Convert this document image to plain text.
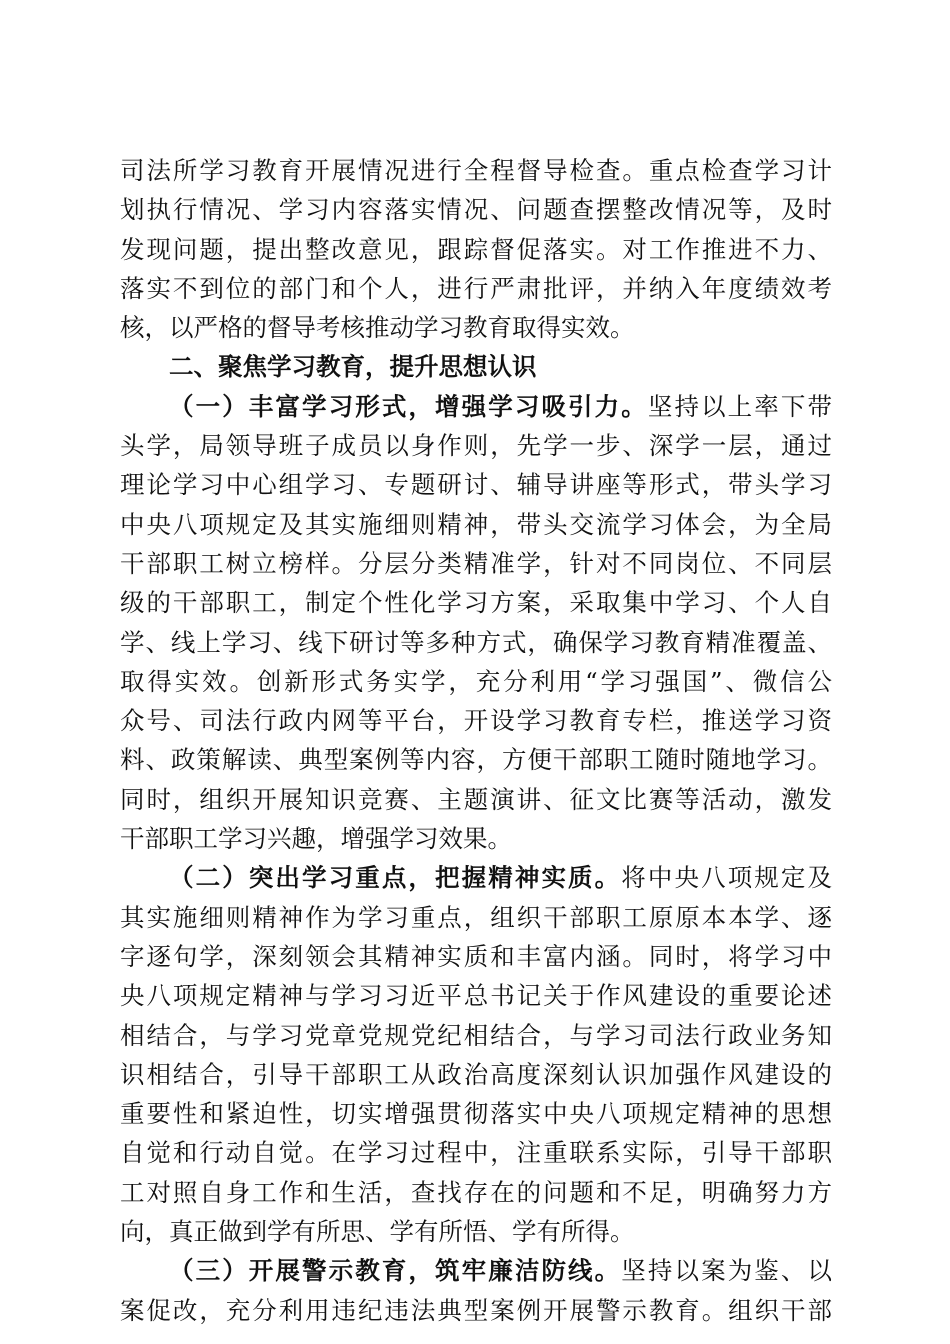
司法所学习教育开展情况进行全程督导检查。重点检查学习计
划执行情况、学习内容落实情况、问题查摆整改情况等，及时
发现问题，提出整改意见，跟踪督促落实。对工作推进不力、
落实不到位的部门和个人，进行严肃批评，并纳入年度绩效考
核，以严格的督导考核推动学习教育取得实效。
二、聚焦学习教育，提升思想认识
（一）丰富学习形式，增强学习吸引力。坚持以上率下带
头学，局领导班子成员以身作则，先学一步、深学一层，通过
理论学习中心组学习、专题研讨、辅导讲座等形式，带头学习
中央八项规定及其实施细则精神，带头交流学习体会，为全局
干部职工树立榜样。分层分类精准学，针对不同岗位、不同层
级的干部职工，制定个性化学习方案，采取集中学习、个人自
学、线上学习、线下研讨等多种方式，确保学习教育精准覆盖、
取得实效。创新形式务实学，充分利用“学习强国”、微信公
众号、司法行政内网等平台，开设学习教育专栏，推送学习资
料、政策解读、典型案例等内容，方便干部职工随时随地学习。
同时，组织开展知识竞赛、主题演讲、征文比赛等活动，激发
干部职工学习兴趣，增强学习效果。
（二）突出学习重点，把握精神实质。将中央八项规定及
其实施细则精神作为学习重点，组织干部职工原原本本学、逐
字逐句学，深刻领会其精神实质和丰富内涵。同时，将学习中
央八项规定精神与学习习近平总书记关于作风建设的重要论述
相结合，与学习党章党规党纪相结合，与学习司法行政业务知
识相结合，引导干部职工从政治高度深刻认识加强作风建设的
重要性和紧迫性，切实增强贯彻落实中央八项规定精神的思想
自觉和行动自觉。在学习过程中，注重联系实际，引导干部职
工对照自身工作和生活，查找存在的问题和不足，明确努力方
向，真正做到学有所思、学有所悟、学有所得。
（三）开展警示教育，筑牢廉洁防线。坚持以案为鉴、以
案促改，充分利用违纪违法典型案例开展警示教育。组织干部
